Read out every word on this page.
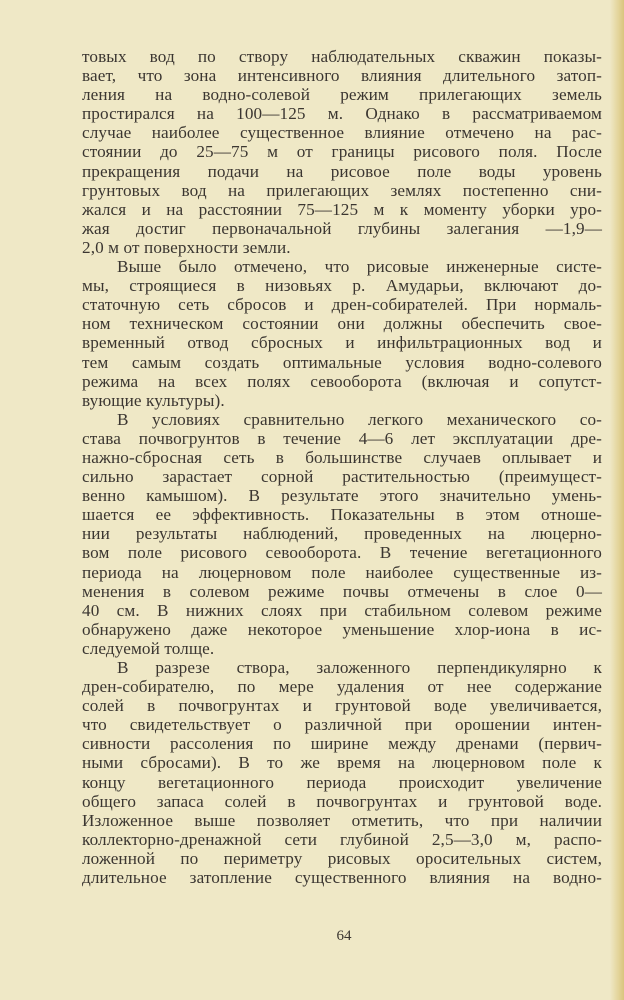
товых вод по створу наблюдательных скважин показы-
вает, что зона интенсивного влияния длительного затоп-
ления на водно-солевой режим прилегающих земель
простирался на 100—125 м. Однако в рассматриваемом
случае наиболее существенное влияние отмечено на рас-
стоянии до 25—75 м от границы рисового поля. После
прекращения подачи на рисовое поле воды уровень
грунтовых вод на прилегающих землях постепенно сни-
жался и на расстоянии 75—125 м к моменту уборки уро-
жая достиг первоначальной глубины залегания —1,9—
2,0 м от поверхности земли.
Выше было отмечено, что рисовые инженерные систе-
мы, строящиеся в низовьях р. Амударьи, включают до-
статочную сеть сбросов и дрен-собирателей. При нормаль-
ном техническом состоянии они должны обеспечить свое-
временный отвод сбросных и инфильтрационных вод и
тем самым создать оптимальные условия водно-солевого
режима на всех полях севооборота (включая и сопутст-
вующие культуры).
В условиях сравнительно легкого механического со-
става почвогрунтов в течение 4—6 лет эксплуатации дре-
нажно-сбросная сеть в большинстве случаев оплывает и
сильно зарастает сорной растительностью (преимущест-
венно камышом). В результате этого значительно умень-
шается ее эффективность. Показательны в этом отноше-
нии результаты наблюдений, проведенных на люцерно-
вом поле рисового севооборота. В течение вегетационного
периода на люцерновом поле наиболее существенные из-
менения в солевом режиме почвы отмечены в слое 0—
40 см. В нижних слоях при стабильном солевом режиме
обнаружено даже некоторое уменьшение хлор-иона в ис-
следуемой толще.
В разрезе створа, заложенного перпендикулярно к
дрен-собирателю, по мере удаления от нее содержание
солей в почвогрунтах и грунтовой воде увеличивается,
что свидетельствует о различной при орошении интен-
сивности рассоления по ширине между дренами (первич-
ными сбросами). В то же время на люцерновом поле к
концу вегетационного периода происходит увеличение
общего запаса солей в почвогрунтах и грунтовой воде.
Изложенное выше позволяет отметить, что при наличии
коллекторно-дренажной сети глубиной 2,5—3,0 м, распо-
ложенной по периметру рисовых оросительных систем,
длительное затопление существенного влияния на водно-
64
